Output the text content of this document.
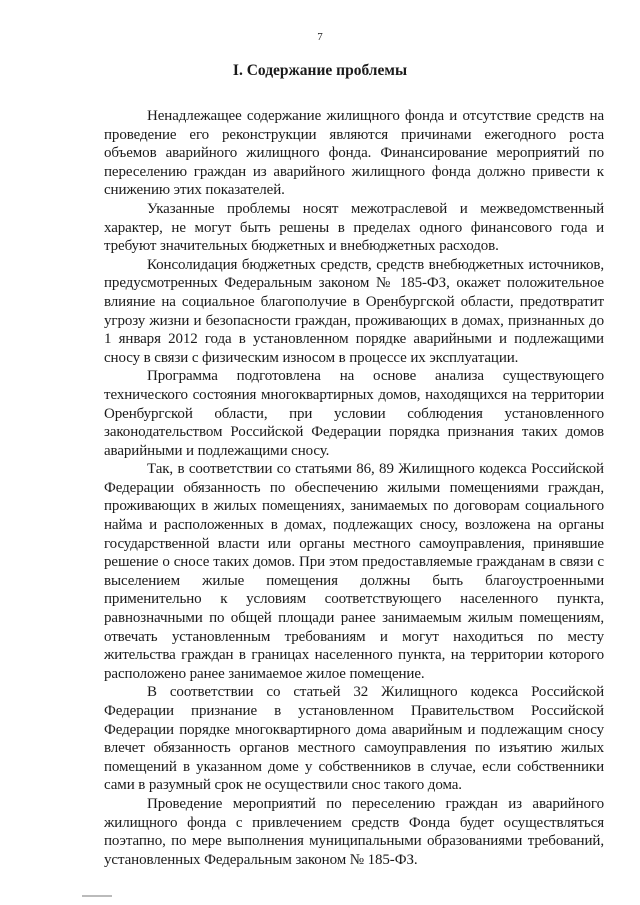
7
I. Содержание проблемы

Ненадлежащее содержание жилищного фонда и отсутствие средств на проведение его реконструкции являются причинами ежегодного роста объемов аварийного жилищного фонда. Финансирование мероприятий по переселению граждан из аварийного жилищного фонда должно привести к снижению этих показателей.

Указанные проблемы носят межотраслевой и межведомственный характер, не могут быть решены в пределах одного финансового года и требуют значительных бюджетных и внебюджетных расходов.

Консолидация бюджетных средств, средств внебюджетных источников, предусмотренных Федеральным законом № 185-ФЗ, окажет положительное влияние на социальное благополучие в Оренбургской области, предотвратит угрозу жизни и безопасности граждан, проживающих в домах, признанных до 1 января 2012 года в установленном порядке аварийными и подлежащими сносу в связи с физическим износом в процессе их эксплуатации.

Программа подготовлена на основе анализа существующего технического состояния многоквартирных домов, находящихся на территории Оренбургской области, при условии соблюдения установленного законодательством Российской Федерации порядка признания таких домов аварийными и подлежащими сносу.

Так, в соответствии со статьями 86, 89 Жилищного кодекса Российской Федерации обязанность по обеспечению жилыми помещениями граждан, проживающих в жилых помещениях, занимаемых по договорам социального найма и расположенных в домах, подлежащих сносу, возложена на органы государственной власти или органы местного самоуправления, принявшие решение о сносе таких домов. При этом предоставляемые гражданам в связи с выселением жилые помещения должны быть благоустроенными применительно к условиям соответствующего населенного пункта, равнозначными по общей площади ранее занимаемым жилым помещениям, отвечать установленным требованиям и могут находиться по месту жительства граждан в границах населенного пункта, на территории которого расположено ранее занимаемое жилое помещение.

В соответствии со статьей 32 Жилищного кодекса Российской Федерации признание в установленном Правительством Российской Федерации порядке многоквартирного дома аварийным и подлежащим сносу влечет обязанность органов местного самоуправления по изъятию жилых помещений в указанном доме у собственников в случае, если собственники сами в разумный срок не осуществили снос такого дома.

Проведение мероприятий по переселению граждан из аварийного жилищного фонда с привлечением средств Фонда будет осуществляться поэтапно, по мере выполнения муниципальными образованиями требований, установленных Федеральным законом № 185-ФЗ.
